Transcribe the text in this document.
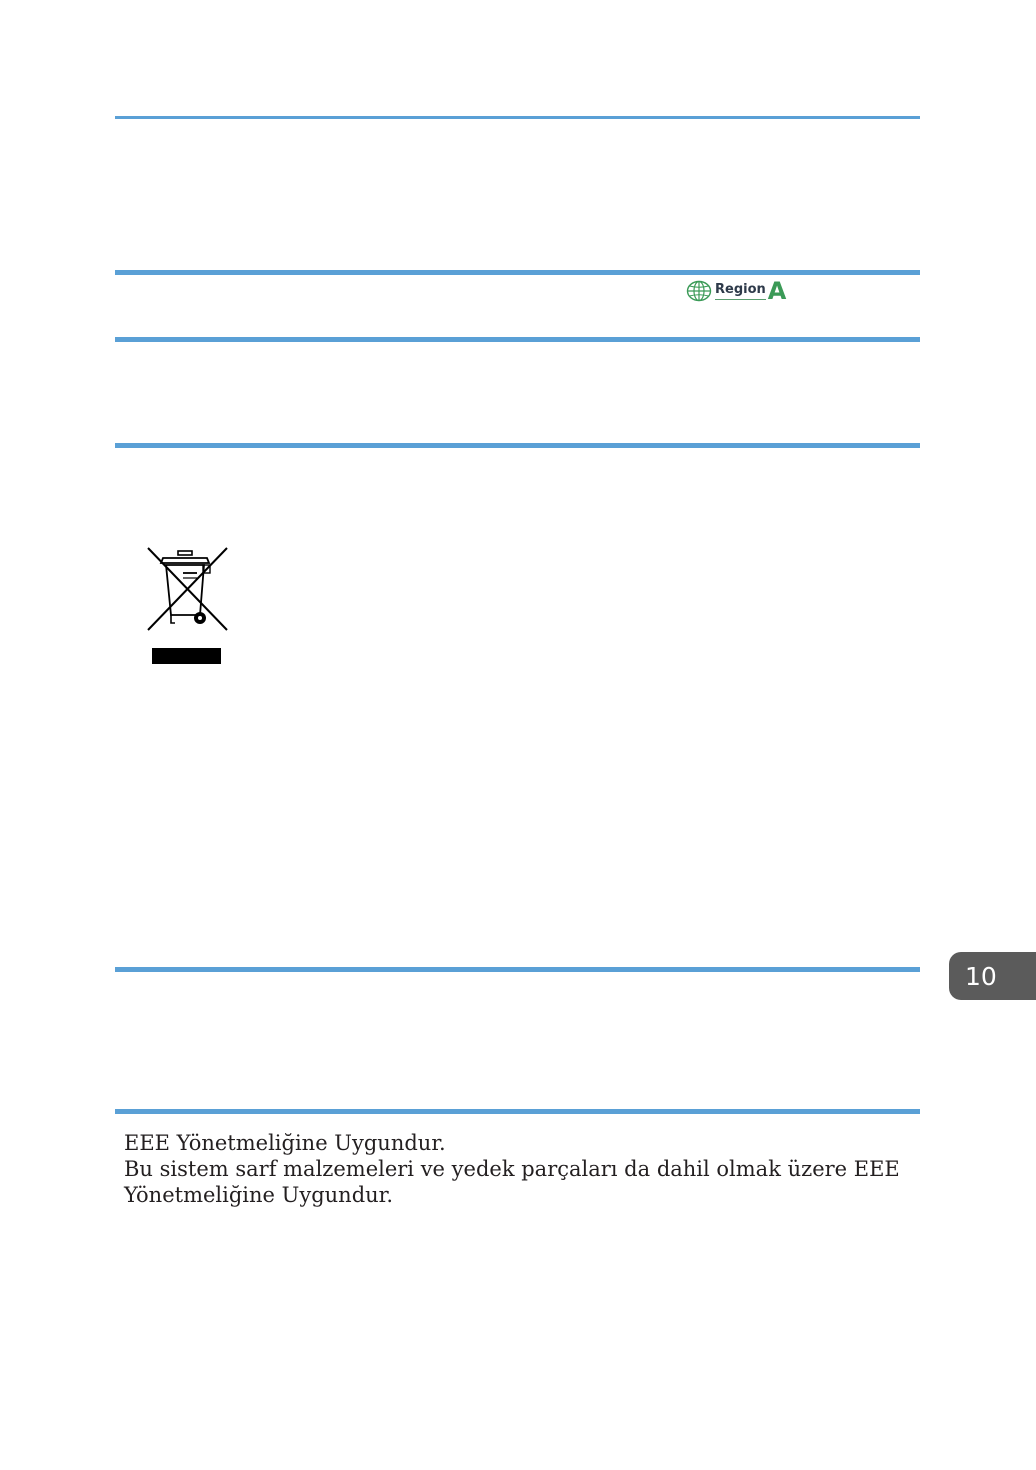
Region A
10

EEE Yönetmeliğine Uygundur.

Bu sistem sarf malzemeleri ve yedek parçaları da dahil olmak üzere EEE Yönetmeliğine Uygundur.
